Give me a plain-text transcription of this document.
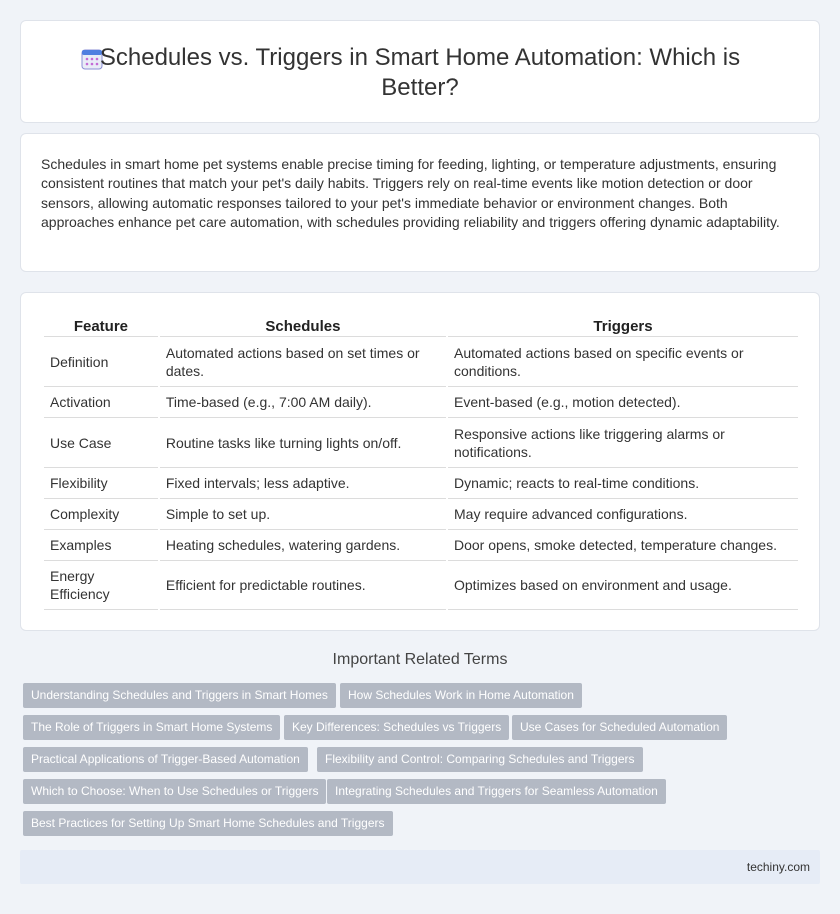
Schedules vs. Triggers in Smart Home Automation: Which is Better?

Schedules in smart home pet systems enable precise timing for feeding, lighting, or temperature adjustments, ensuring consistent routines that match your pet's daily habits. Triggers rely on real-time events like motion detection or door sensors, allowing automatic responses tailored to your pet's immediate behavior or environment changes. Both approaches enhance pet care automation, with schedules providing reliability and triggers offering dynamic adaptability.

Feature	Schedules	Triggers
Definition	Automated actions based on set times or dates.	Automated actions based on specific events or conditions.
Activation	Time-based (e.g., 7:00 AM daily).	Event-based (e.g., motion detected).
Use Case	Routine tasks like turning lights on/off.	Responsive actions like triggering alarms or notifications.
Flexibility	Fixed intervals; less adaptive.	Dynamic; reacts to real-time conditions.
Complexity	Simple to set up.	May require advanced configurations.
Examples	Heating schedules, watering gardens.	Door opens, smoke detected, temperature changes.
Energy Efficiency	Efficient for predictable routines.	Optimizes based on environment and usage.
Important Related Terms
Understanding Schedules and Triggers in Smart Homes	How Schedules Work in Home Automation
The Role of Triggers in Smart Home Systems	Key Differences: Schedules vs Triggers	Use Cases for Scheduled Automation
Practical Applications of Trigger-Based Automation	Flexibility and Control: Comparing Schedules and Triggers
Which to Choose: When to Use Schedules or Triggers	Integrating Schedules and Triggers for Seamless Automation
Best Practices for Setting Up Smart Home Schedules and Triggers
techiny.com
